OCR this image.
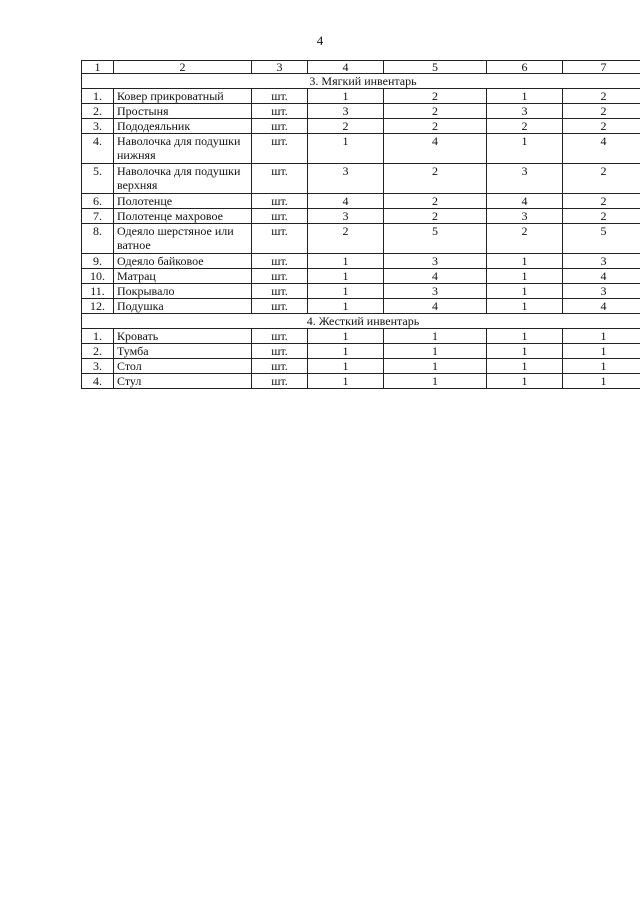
4
1	2	3	4	5	6	7
3. Мягкий инвентарь						
1.	Ковер прикроватный	шт.	1	2	1	2
2.	Простыня	шт.	3	2	3	2
3.	Пододеяльник	шт.	2	2	2	2
4.	Наволочка для подушки нижняя	шт.	1	4	1	4
5.	Наволочка для подушки верхняя	шт.	3	2	3	2
6.	Полотенце	шт.	4	2	4	2
7.	Полотенце махровое	шт.	3	2	3	2
8.	Одеяло шерстяное или ватное	шт.	2	5	2	5
9.	Одеяло байковое	шт.	1	3	1	3
10.	Матрац	шт.	1	4	1	4
11.	Покрывало	шт.	1	3	1	3
12.	Подушка	шт.	1	4	1	4
4. Жесткий инвентарь						
1.	Кровать	шт.	1	1	1	1
2.	Тумба	шт.	1	1	1	1
3.	Стол	шт.	1	1	1	1
4.	Стул	шт.	1	1	1	1
